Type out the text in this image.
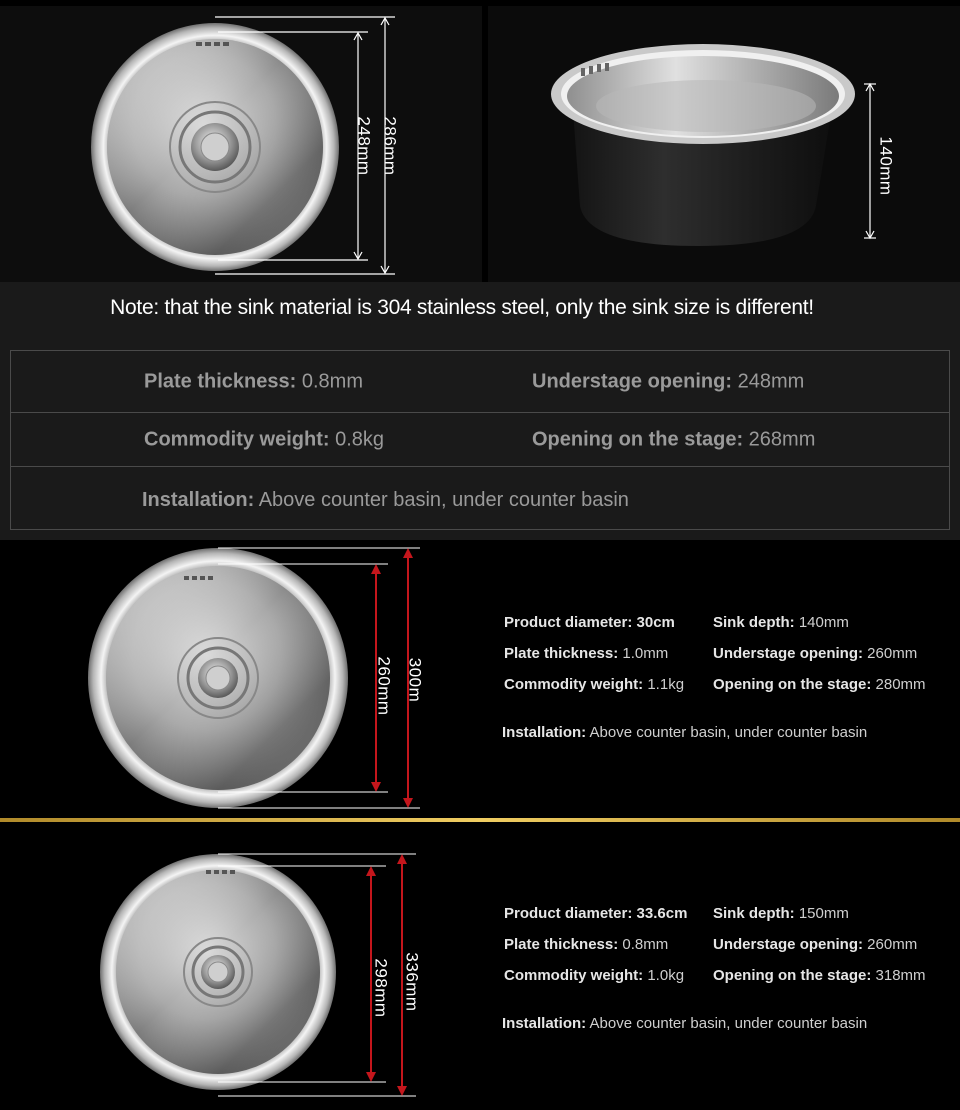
286mm
248mm	140mm
Note: that the sink material is 304 stainless steel, only the sink size is different!
Plate thickness: 0.8mm	Understage opening: 248mm
Commodity weight: 0.8kg	Opening on the stage: 268mm
Installation: Above counter basin, under counter basin
300m
260mm
Product diameter: 30cm	Sink depth: 140mm
Plate thickness: 1.0mm	Understage opening: 260mm
Commodity weight: 1.1kg Opening on the stage: 280mm
Installation: Above counter basin, under counter basin
336mm
298mm
Product diameter: 33.6cm Sink depth: 150mm
Plate thickness: 0.8mm	Understage opening: 260mm
Commodity weight: 1.0kg Opening on the stage: 318mm
Installation: Above counter basin, under counter basin
